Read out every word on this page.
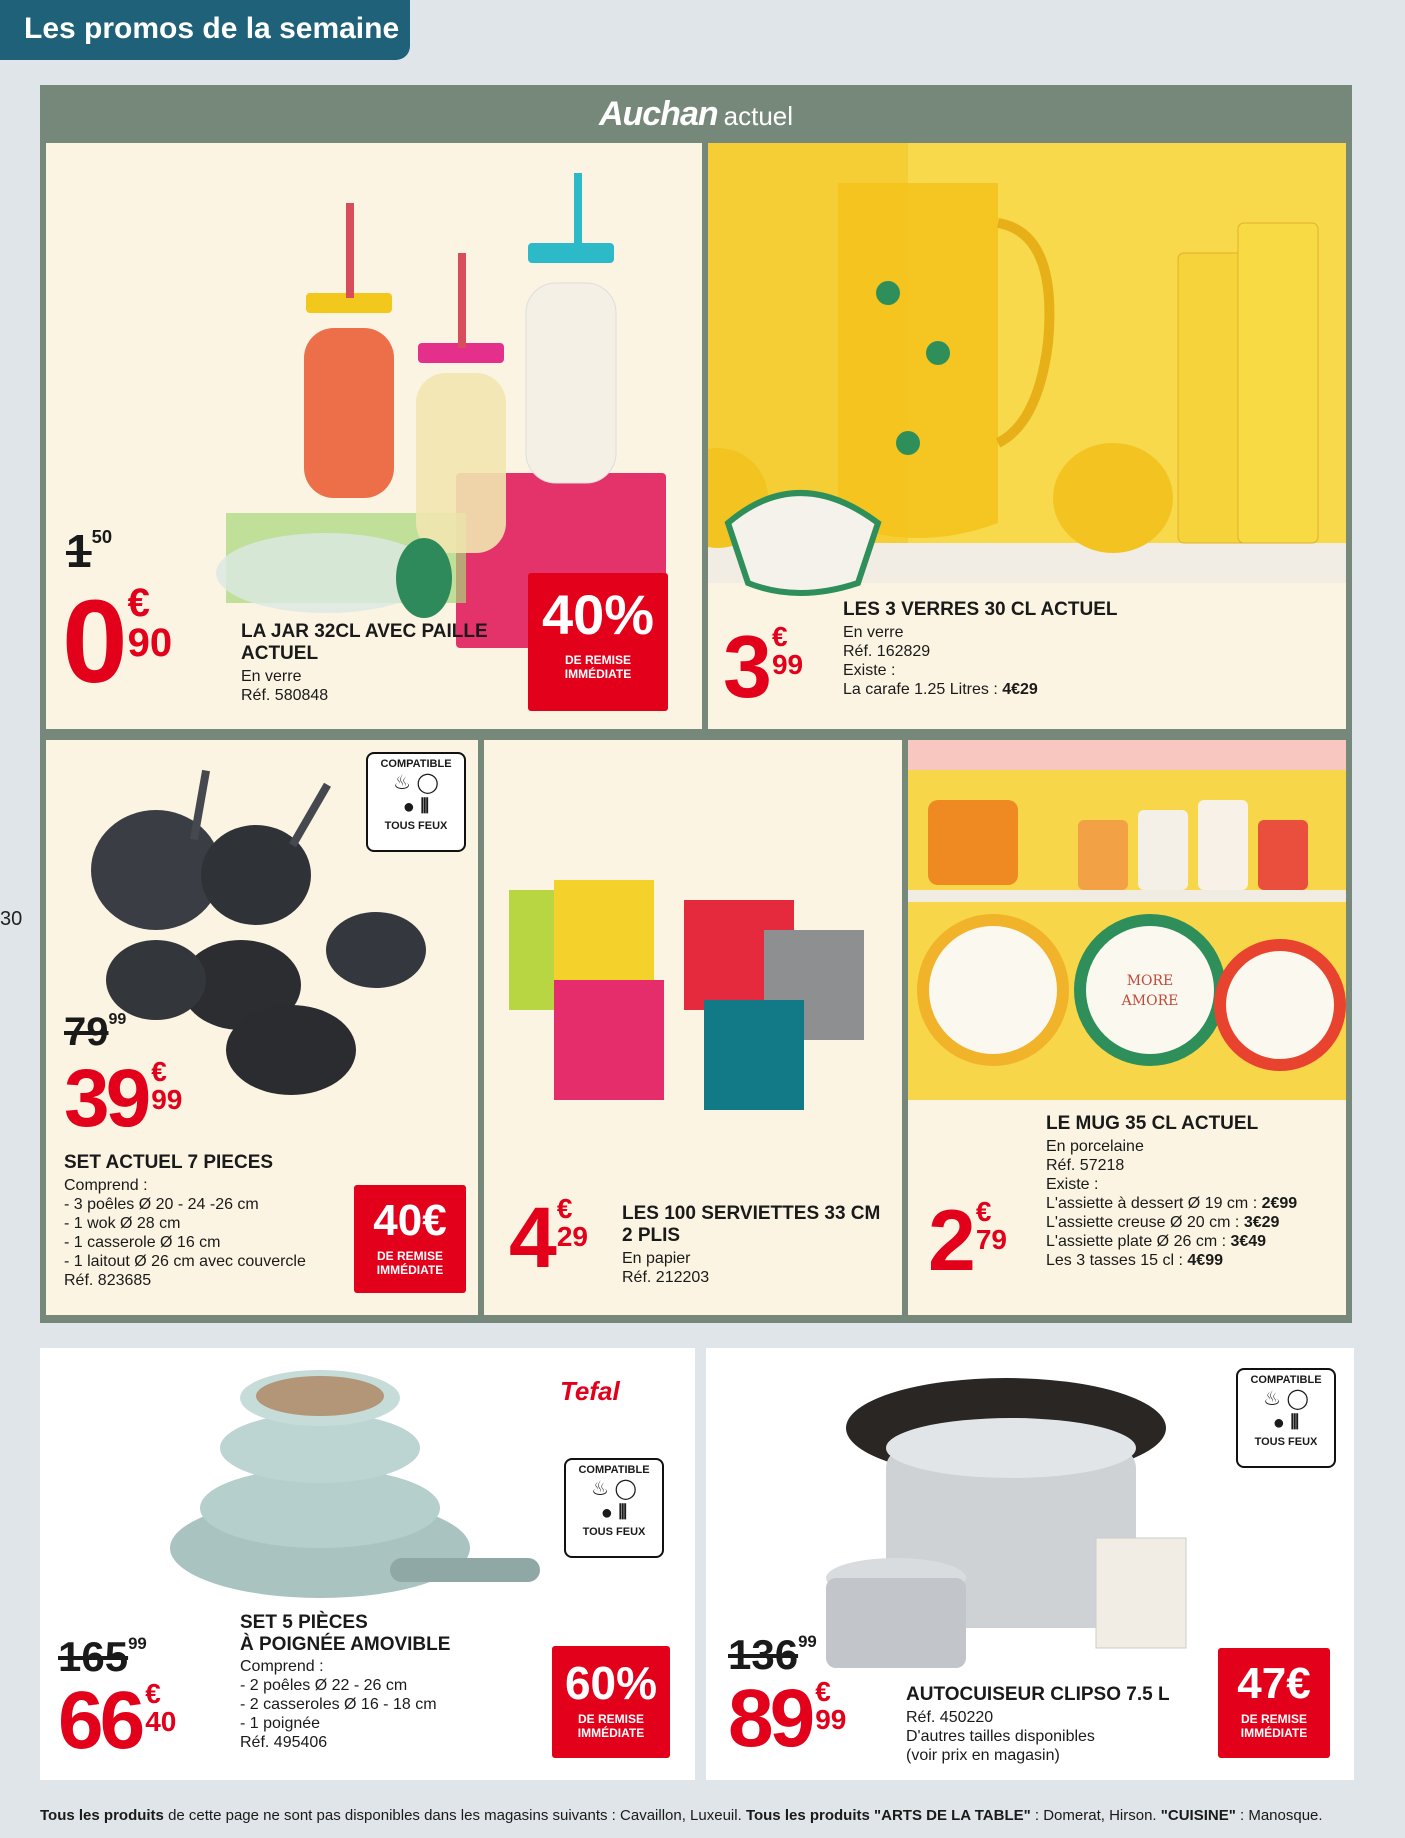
Les promos de la semaine
30
Auchan actuel
150
0 €
90	LA JAR 32CL AVEC PAILLE
ACTUEL
En verre
Réf. 580848
40%
DE REMISE
IMMÉDIATE
LES 3 VERRES 30 CL ACTUEL
En verre
Réf. 162829
Existe :
La carafe 1.25 Litres : 4€29
3 €
99
COMPATIBLE
♨ ◯
● ⦀
TOUS FEUX
7999
39 €
99
SET ACTUEL 7 PIECES
Comprend :
- 3 poêles Ø 20 - 24 -26 cm
- 1 wok Ø 28 cm
- 1 casserole Ø 16 cm
- 1 laitout Ø 26 cm avec couvercle
Réf. 823685
40€
DE REMISE
IMMÉDIATE 4 €
29
LES 100 SERVIETTES 33 CM
2 PLIS
En papier
Réf. 212203
MORE
AMORE
LE MUG 35 CL ACTUEL
En porcelaine
Réf. 57218
Existe :
L'assiette à dessert Ø 19 cm : 2€99
L'assiette creuse Ø 20 cm : 3€29
L'assiette plate Ø 26 cm : 3€49
Les 3 tasses 15 cl : 4€99
2 €
79
Tefal
COMPATIBLE
♨ ◯
● ⦀
TOUS FEUX
16599
66 €
40
SET 5 PIÈCES
À POIGNÉE AMOVIBLE
Comprend :
- 2 poêles Ø 22 - 26 cm
- 2 casseroles Ø 16 - 18 cm
- 1 poignée
Réf. 495406
60%
DE REMISE
IMMÉDIATE
COMPATIBLE
♨ ◯
● ⦀
TOUS FEUX
13699
89 €
99
AUTOCUISEUR CLIPSO 7.5 L
Réf. 450220
D'autres tailles disponibles
(voir prix en magasin)
47€
DE REMISE
IMMÉDIATE
Tous les produits de cette page ne sont pas disponibles dans les magasins suivants : Cavaillon, Luxeuil. Tous les produits "ARTS DE LA TABLE" : Domerat, Hirson. "CUISINE" : Manosque.
